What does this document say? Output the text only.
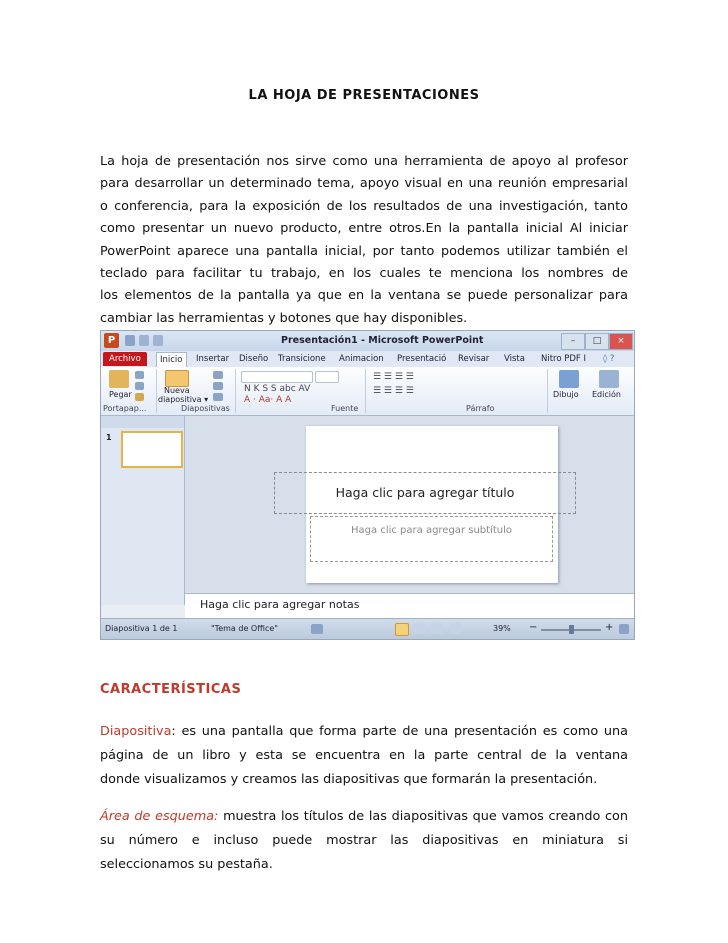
LA HOJA DE PRESENTACIONES
La hoja de presentación nos sirve como una herramienta de apoyo al profesor
para desarrollar un determinado tema, apoyo visual en una reunión empresarial
o conferencia, para la exposición de los resultados de una investigación, tanto
como presentar un nuevo producto, entre otros.En la pantalla inicial Al iniciar
PowerPoint aparece una pantalla inicial, por tanto podemos utilizar también el
teclado para facilitar tu trabajo, en los cuales te menciona los nombres de
los elementos de la pantalla ya que en la ventana se puede personalizar para
cambiar las herramientas y botones que hay disponibles.
P	Presentación1 - Microsoft PowerPoint	–	□	×
Archivo	Inicio	Insertar Diseño Transicione Animacion Presentació Revisar Vista Nitro PDF I ◊ ?
Pegar
Portapap...
Nueva
diapositiva ▾
Diapositivas
N K S S abc AV
A · Aa· A A
Fuente
☰ ☰ ☰ ☰
☰ ☰ ☰ ☰
Párrafo
Dibujo Edición
1
Haga clic para agregar título
Haga clic para agregar subtítulo
Haga clic para agregar notas
Diapositiva 1 de 1	"Tema de Office"	39% −	+
CARACTERÍSTICAS
Diapositiva: es una pantalla que forma parte de una presentación es como una
página de un libro y esta se encuentra en la parte central de la ventana
donde visualizamos y creamos las diapositivas que formarán la presentación.
Área de esquema: muestra los títulos de las diapositivas que vamos creando con
su número e incluso puede mostrar las diapositivas en miniatura si
seleccionamos su pestaña.
